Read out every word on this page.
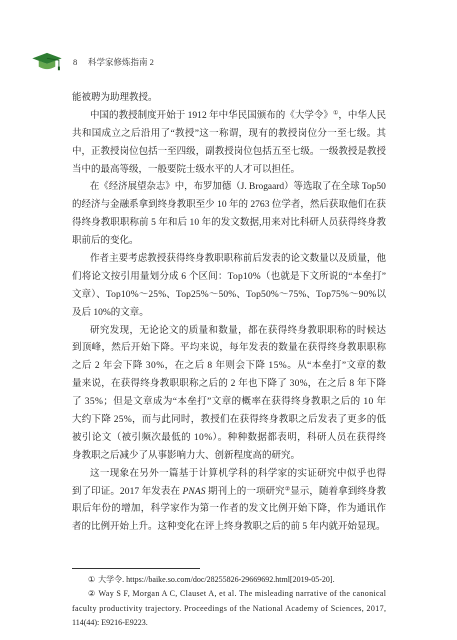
8 科学家修炼指南 2
能被聘为助理教授。
中国的教授制度开始于 1912 年中华民国颁布的《大学令》①，中华人民
共和国成立之后沿用了“教授”这一称谓，现有的教授岗位分一至七级。其
中，正教授岗位包括一至四级，副教授岗位包括五至七级。一级教授是教授
当中的最高等级，一般要院士级水平的人才可以担任。
在《经济展望杂志》中，布罗加德（J. Brogaard）等选取了在全球 Top50
的经济与金融系拿到终身教职至少 10 年的 2763 位学者，然后获取他们在获
得终身教职职称前 5 年和后 10 年的发文数据,用来对比科研人员获得终身教
职前后的变化。
作者主要考虑教授获得终身教职职称前后发表的论文数量以及质量，他
们将论文按引用量划分成 6 个区间：Top10%（也就是下文所说的“本垒打”
文章）、Top10%～25%、Top25%～50%、Top50%～75%、Top75%～90%以
及后 10%的文章。
研究发现，无论论文的质量和数量，都在获得终身教职职称的时候达
到顶峰，然后开始下降。平均来说，每年发表的数量在获得终身教职职称
之后 2 年会下降 30%，在之后 8 年则会下降 15%。从“本垒打”文章的数
量来说，在获得终身教职职称之后的 2 年也下降了 30%，在之后 8 年下降
了 35%；但是文章成为“本垒打”文章的概率在获得终身教职之后的 10 年
大约下降 25%，而与此同时，教授们在获得终身教职之后发表了更多的低
被引论文（被引频次最低的 10%）。种种数据都表明，科研人员在获得终
身教职之后减少了从事影响力大、创新程度高的研究。
这一现象在另外一篇基于计算机学科的科学家的实证研究中似乎也得
到了印证。2017 年发表在 PNAS 期刊上的一项研究②显示，随着拿到终身教
职后年份的增加，科学家作为第一作者的发文比例开始下降，作为通讯作
者的比例开始上升。这种变化在评上终身教职之后的前 5 年内就开始显现。
① 大学令. https://baike.so.com/doc/28255826-29669692.html[2019-05-20].
② Way S F, Morgan A C, Clauset A, et al. The misleading narrative of the canonical
faculty productivity trajectory. Proceedings of the National Academy of Sciences, 2017,
114(44): E9216-E9223.
